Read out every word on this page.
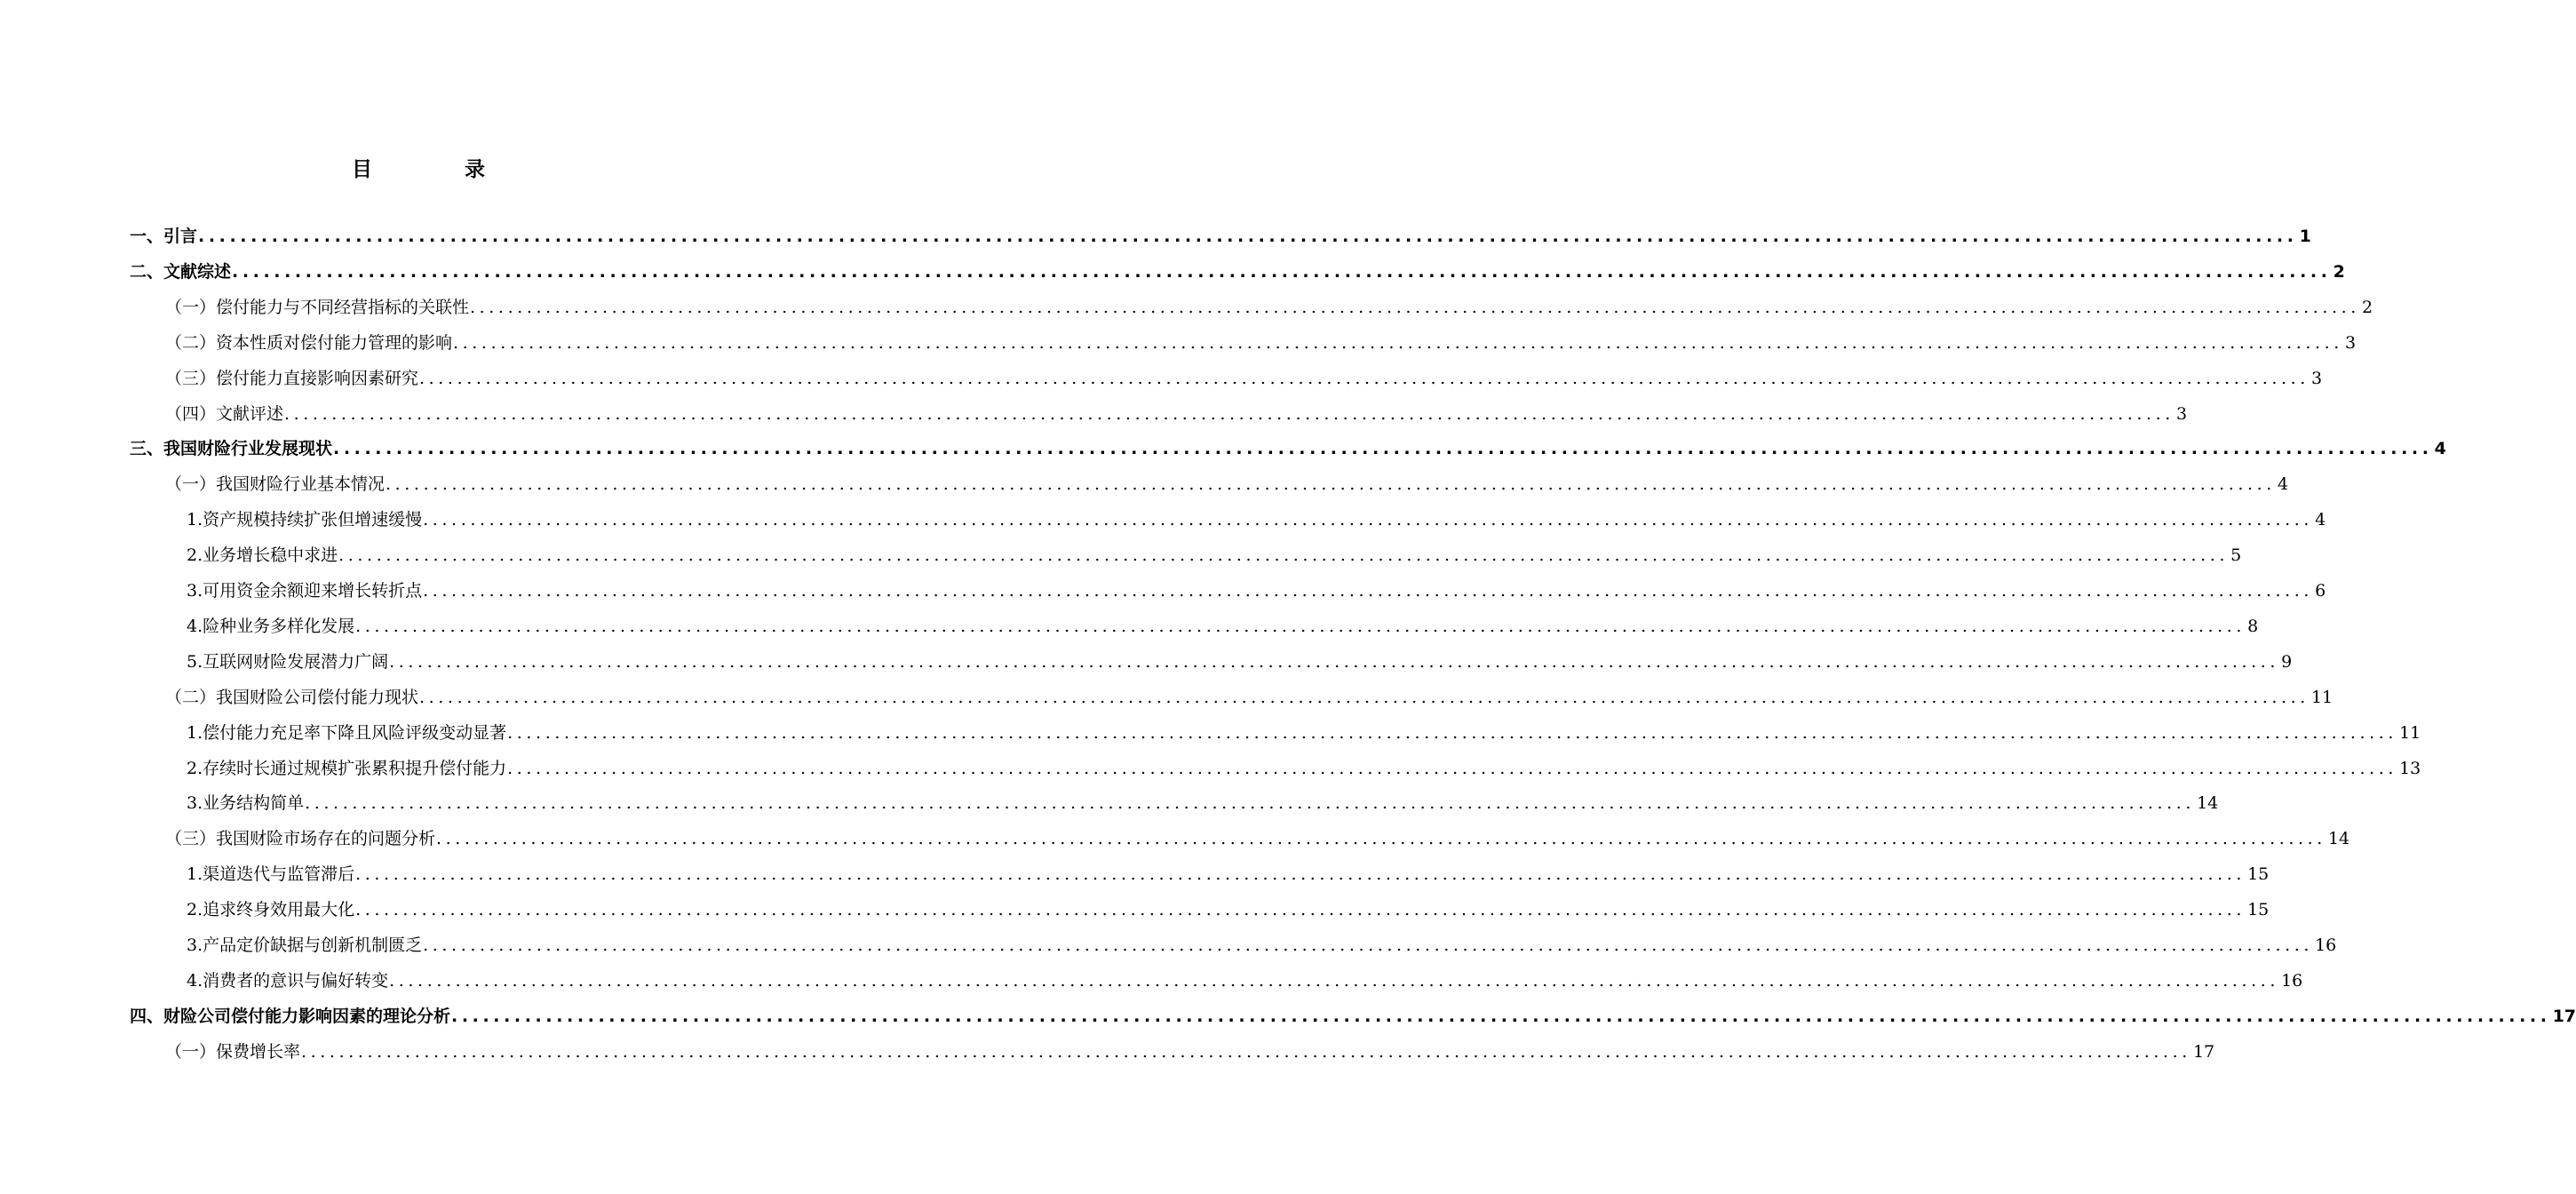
目 录
一、引言 ........................................................................................................................................................................................................ 1
二、文献综述 ........................................................................................................................................................................................................ 2
（一）偿付能力与不同经营指标的关联性 ........................................................................................................................................................................................................ 2
（二）资本性质对偿付能力管理的影响 ........................................................................................................................................................................................................ 3
（三）偿付能力直接影响因素研究 ........................................................................................................................................................................................................ 3
（四）文献评述 ........................................................................................................................................................................................................ 3
三、我国财险行业发展现状 ........................................................................................................................................................................................................ 4
（一）我国财险行业基本情况 ........................................................................................................................................................................................................ 4
1.资产规模持续扩张但增速缓慢 ........................................................................................................................................................................................................ 4
2.业务增长稳中求进 ........................................................................................................................................................................................................ 5
3.可用资金余额迎来增长转折点 ........................................................................................................................................................................................................ 6
4.险种业务多样化发展 ........................................................................................................................................................................................................ 8
5.互联网财险发展潜力广阔 ........................................................................................................................................................................................................ 9
（二）我国财险公司偿付能力现状 ........................................................................................................................................................................................................ 11
1.偿付能力充足率下降且风险评级变动显著 ........................................................................................................................................................................................................ 11
2.存续时长通过规模扩张累积提升偿付能力 ........................................................................................................................................................................................................ 13
3.业务结构简单 ........................................................................................................................................................................................................ 14
（三）我国财险市场存在的问题分析 ........................................................................................................................................................................................................ 14
1.渠道迭代与监管滞后 ........................................................................................................................................................................................................ 15
2.追求终身效用最大化 ........................................................................................................................................................................................................ 15
3.产品定价缺据与创新机制匮乏 ........................................................................................................................................................................................................ 16
4.消费者的意识与偏好转变 ........................................................................................................................................................................................................ 16
四、财险公司偿付能力影响因素的理论分析 ........................................................................................................................................................................................................ 17
（一）保费增长率 ........................................................................................................................................................................................................ 17
